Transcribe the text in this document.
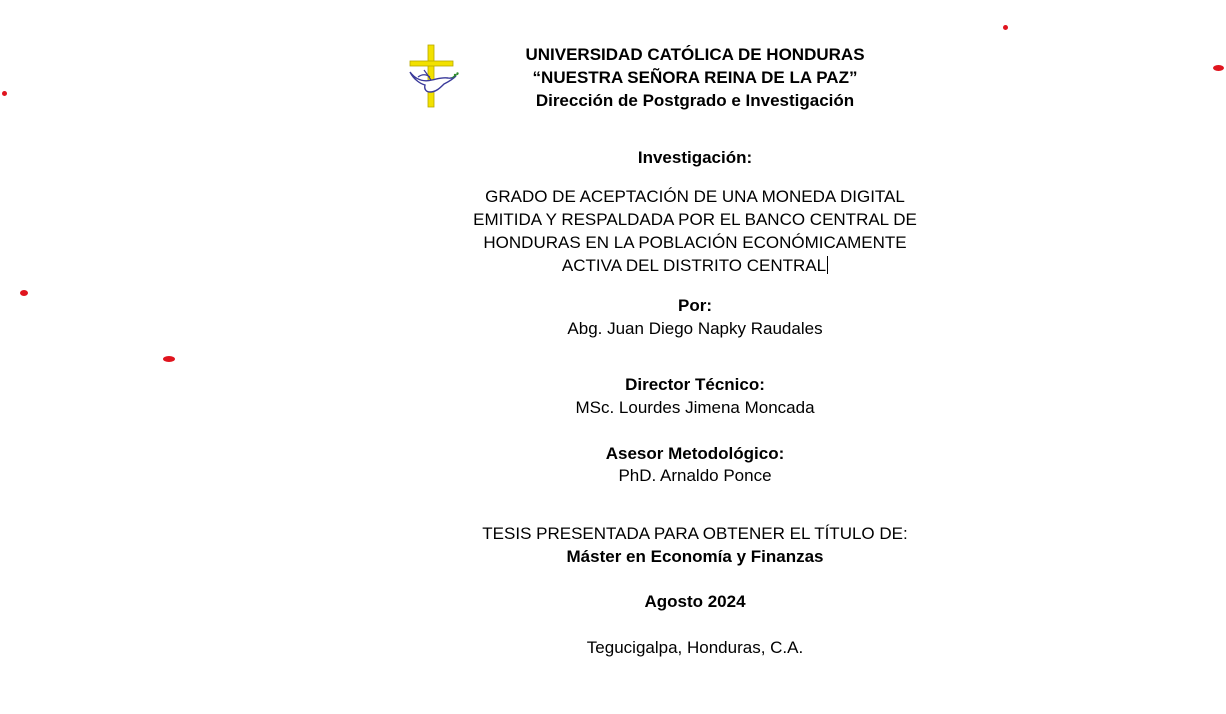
UNIVERSIDAD CATÓLICA DE HONDURAS
“NUESTRA SEÑORA REINA DE LA PAZ”
Dirección de Postgrado e Investigación
Investigación:
GRADO DE ACEPTACIÓN DE UNA MONEDA DIGITAL
EMITIDA Y RESPALDADA POR EL BANCO CENTRAL DE
HONDURAS EN LA POBLACIÓN ECONÓMICAMENTE
ACTIVA DEL DISTRITO CENTRAL
Por:
Abg. Juan Diego Napky Raudales
Director Técnico:
MSc. Lourdes Jimena Moncada
Asesor Metodológico:
PhD. Arnaldo Ponce
TESIS PRESENTADA PARA OBTENER EL TÍTULO DE:
Máster en Economía y Finanzas
Agosto 2024
Tegucigalpa, Honduras, C.A.
